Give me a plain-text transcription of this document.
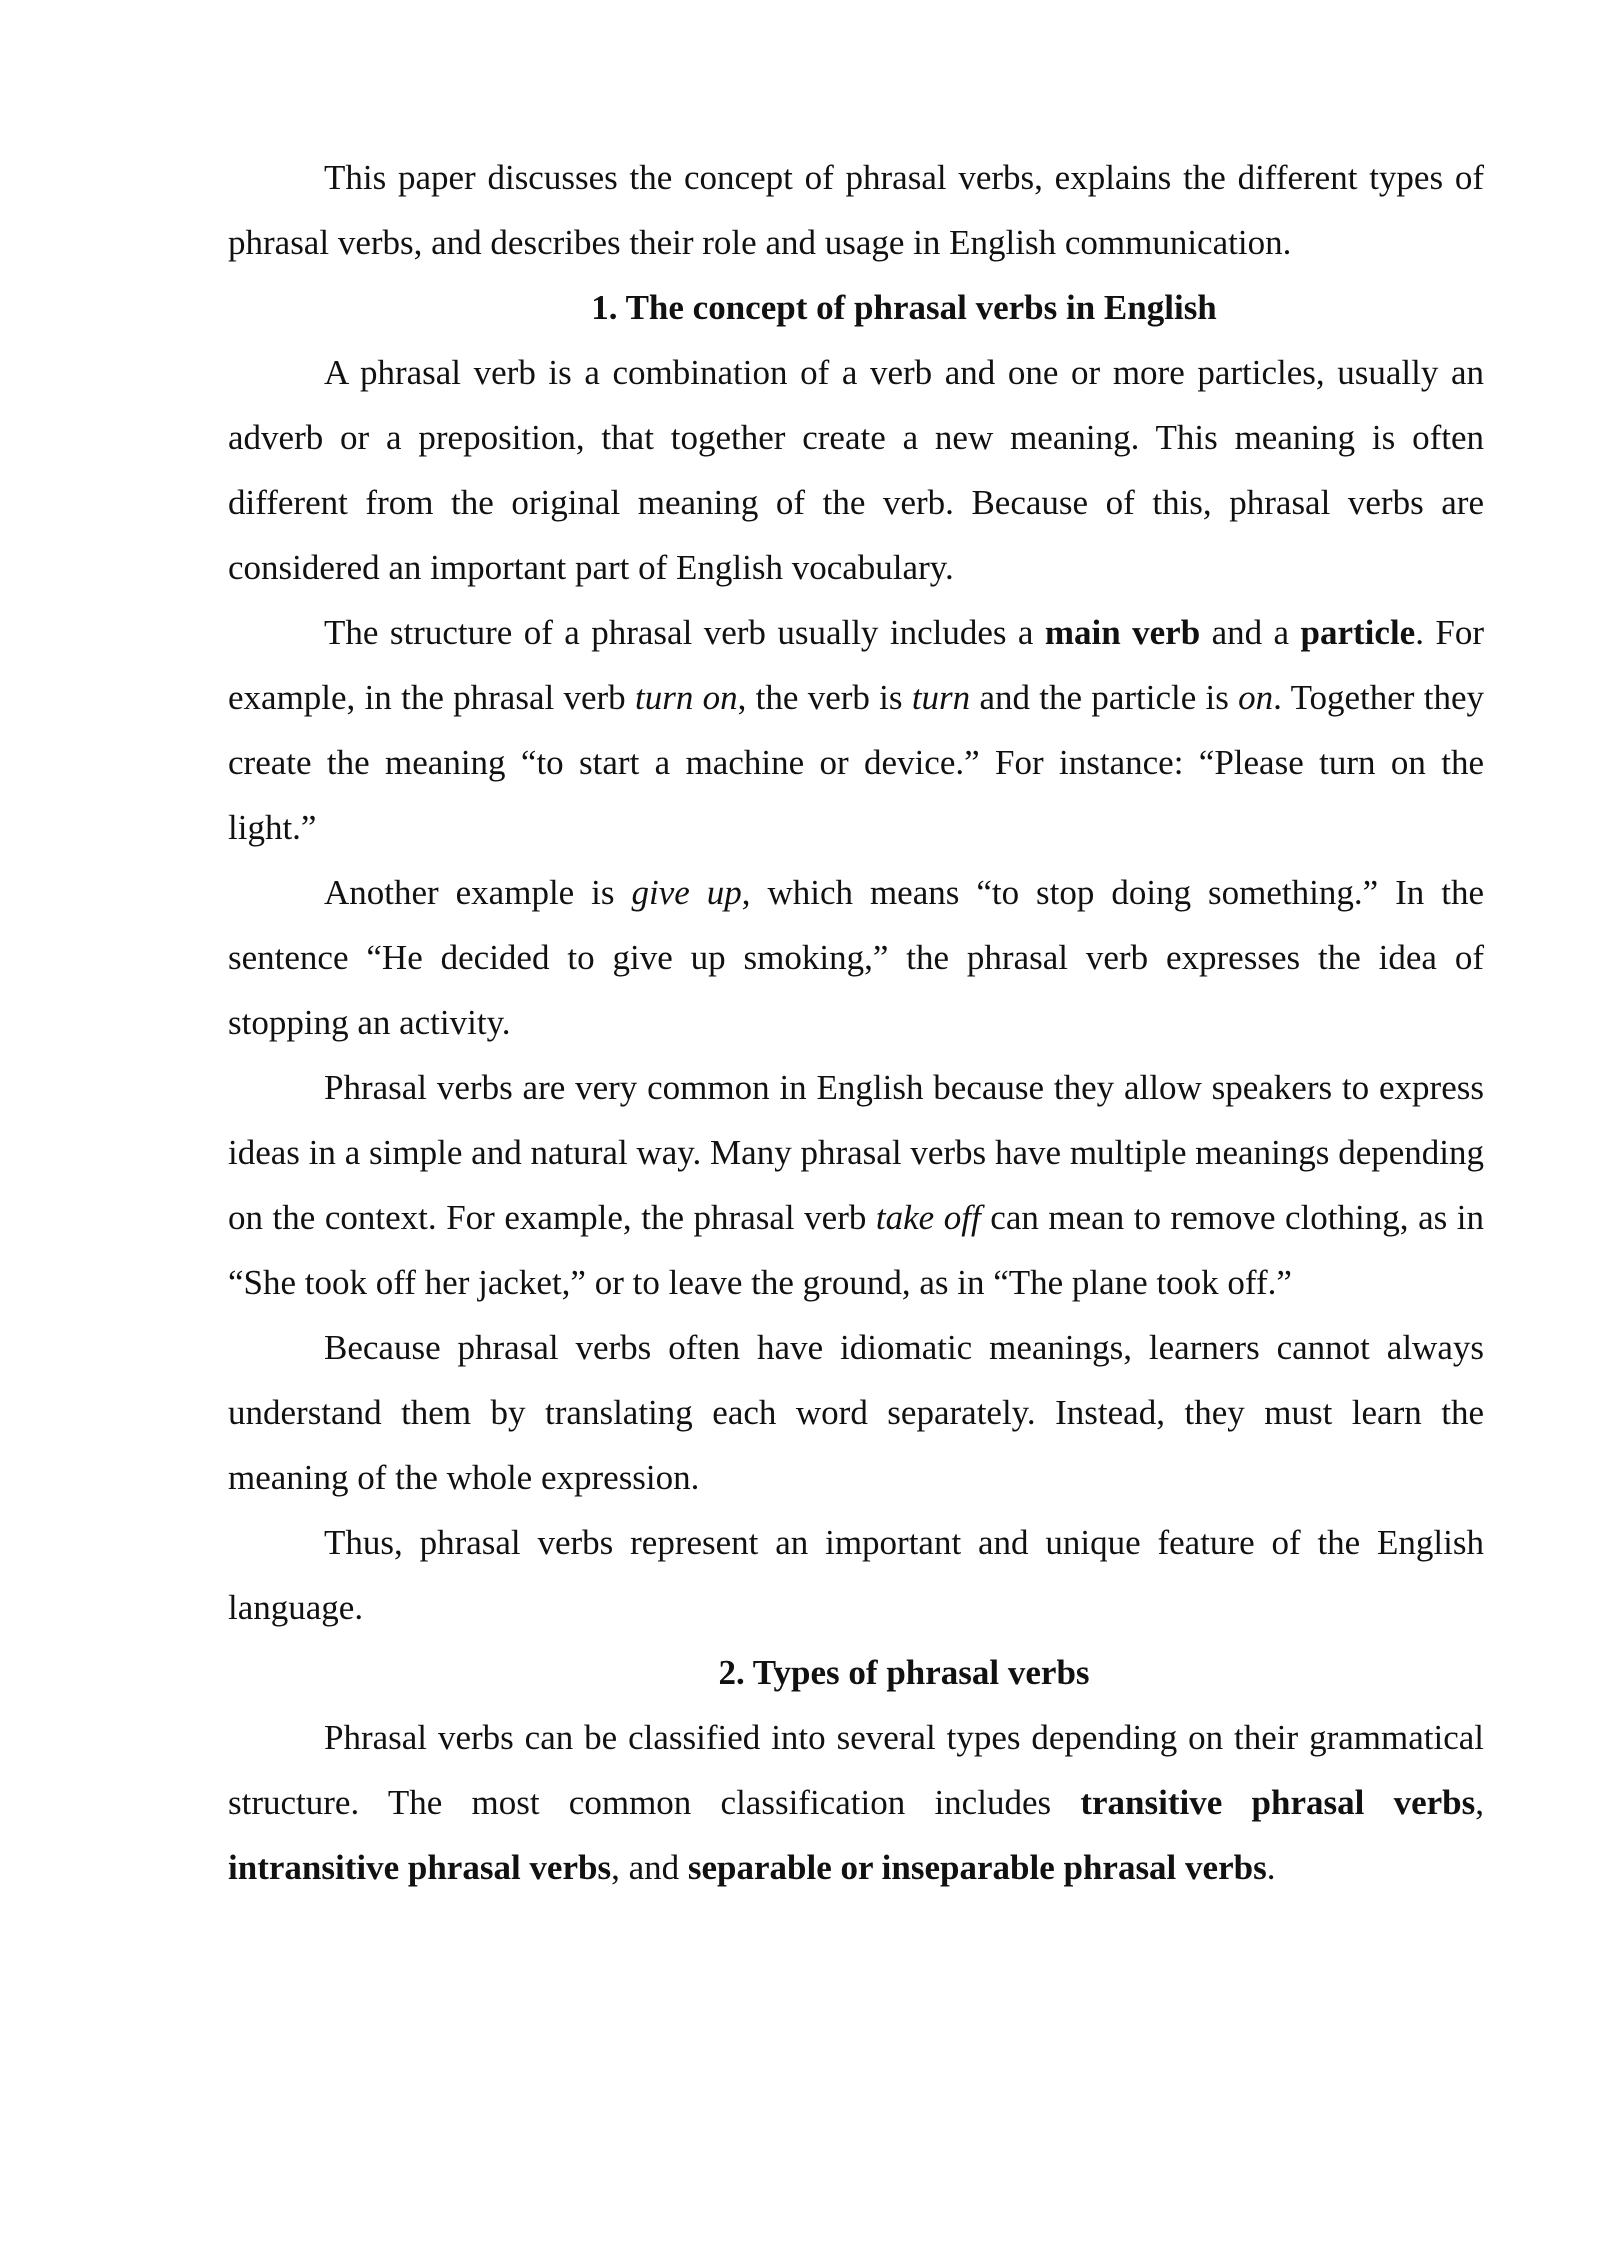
This paper discusses the concept of phrasal verbs, explains the different types of phrasal verbs, and describes their role and usage in English communication.

1. The concept of phrasal verbs in English

A phrasal verb is a combination of a verb and one or more particles, usually an adverb or a preposition, that together create a new meaning. This meaning is often different from the original meaning of the verb. Because of this, phrasal verbs are considered an important part of English vocabulary.

The structure of a phrasal verb usually includes a main verb and a particle. For example, in the phrasal verb turn on, the verb is turn and the particle is on. Together they create the meaning “to start a machine or device.” For instance: “Please turn on the light.”

Another example is give up, which means “to stop doing something.” In the sentence “He decided to give up smoking,” the phrasal verb expresses the idea of stopping an activity.

Phrasal verbs are very common in English because they allow speakers to express ideas in a simple and natural way. Many phrasal verbs have multiple meanings depending on the context. For example, the phrasal verb take off can mean to remove clothing, as in “She took off her jacket,” or to leave the ground, as in “The plane took off.”

Because phrasal verbs often have idiomatic meanings, learners cannot always understand them by translating each word separately. Instead, they must learn the meaning of the whole expression.

Thus, phrasal verbs represent an important and unique feature of the English language.

2. Types of phrasal verbs

Phrasal verbs can be classified into several types depending on their grammatical structure. The most common classification includes transitive phrasal verbs, intransitive phrasal verbs, and separable or inseparable phrasal verbs.
